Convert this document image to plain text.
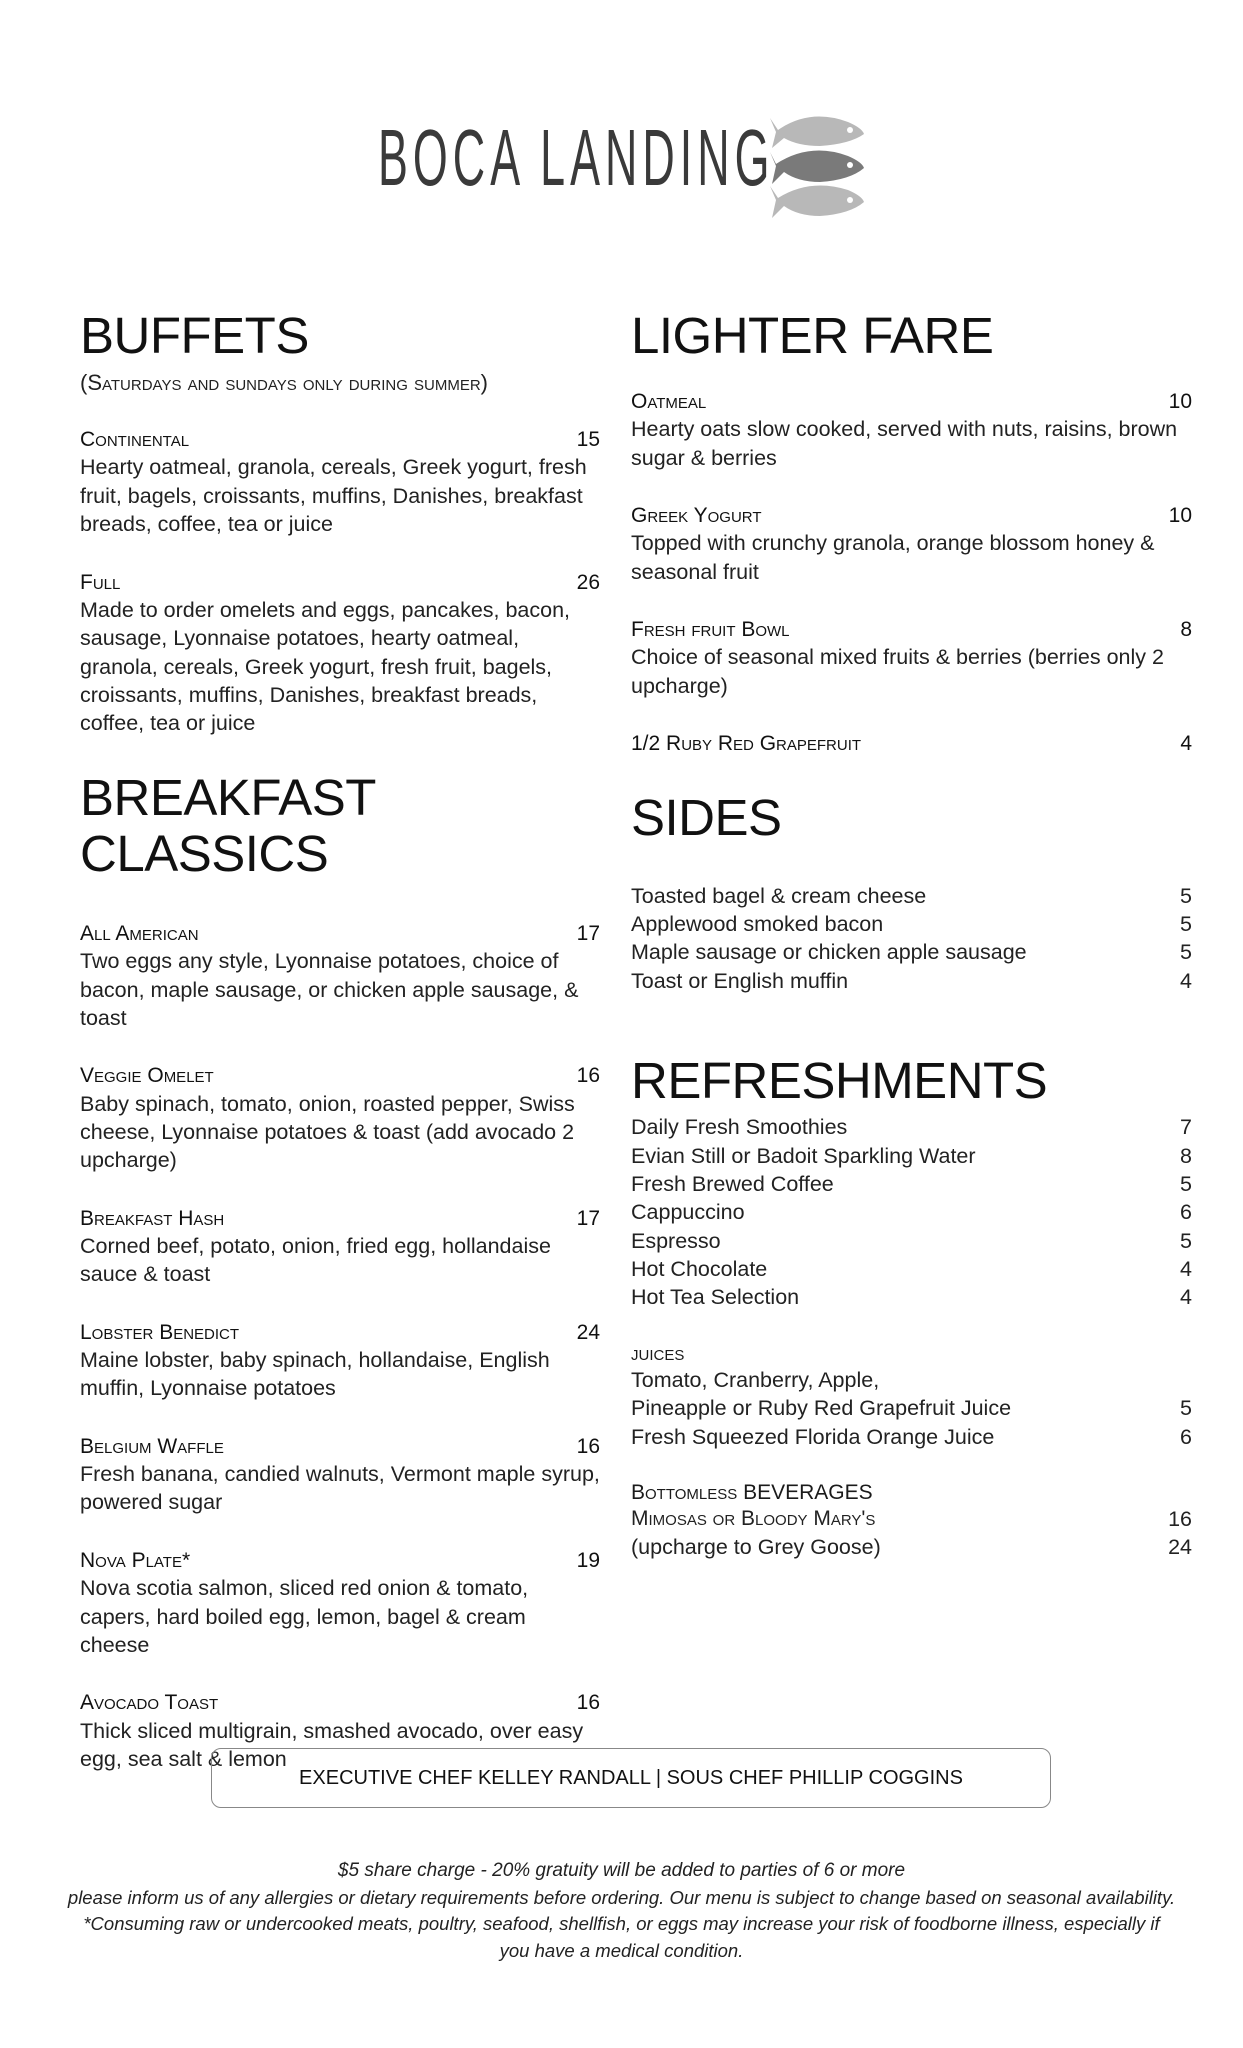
BOCA LANDING
BUFFETS
(Saturdays and sundays only during summer)
Continental	15
Hearty oatmeal, granola, cereals, Greek yogurt, fresh fruit, bagels, croissants, muffins, Danishes, breakfast breads, coffee, tea or juice
Full	26
Made to order omelets and eggs, pancakes, bacon, sausage, Lyonnaise potatoes, hearty oatmeal, granola, cereals, Greek yogurt, fresh fruit, bagels, croissants, muffins, Danishes, breakfast breads, coffee, tea or juice
BREAKFAST CLASSICS
All American	17
Two eggs any style, Lyonnaise potatoes, choice of bacon, maple sausage, or chicken apple sausage, & toast
Veggie Omelet	16
Baby spinach, tomato, onion, roasted pepper, Swiss cheese, Lyonnaise potatoes & toast (add avocado 2 upcharge)
Breakfast Hash	17
Corned beef, potato, onion, fried egg, hollandaise sauce & toast
Lobster Benedict	24
Maine lobster, baby spinach, hollandaise, English muffin, Lyonnaise potatoes
Belgium Waffle	16
Fresh banana, candied walnuts, Vermont maple syrup, powered sugar
Nova Plate*	19
Nova scotia salmon, sliced red onion & tomato, capers, hard boiled egg, lemon, bagel & cream cheese
Avocado Toast	16
Thick sliced multigrain, smashed avocado, over easy egg, sea salt & lemon
LIGHTER FARE
Oatmeal	10
Hearty oats slow cooked, served with nuts, raisins, brown sugar & berries
Greek Yogurt	10
Topped with crunchy granola, orange blossom honey & seasonal fruit
Fresh fruit Bowl	8
Choice of seasonal mixed fruits & berries (berries only 2 upcharge)
1/2 Ruby Red Grapefruit	4
SIDES
Toasted bagel & cream cheese	5
Applewood smoked bacon	5
Maple sausage or chicken apple sausage	5
Toast or English muffin	4
REFRESHMENTS
Daily Fresh Smoothies	7
Evian Still or Badoit Sparkling Water	8
Fresh Brewed Coffee	5
Cappuccino	6
Espresso	5
Hot Chocolate	4
Hot Tea Selection	4
juices
Tomato, Cranberry, Apple,
Pineapple or Ruby Red Grapefruit Juice	5
Fresh Squeezed Florida Orange Juice	6
Bottomless BEVERAGES
Mimosas or Bloody Mary's	16
(upcharge to Grey Goose)	24
EXECUTIVE CHEF KELLEY RANDALL | SOUS CHEF PHILLIP COGGINS
$5 share charge - 20% gratuity will be added to parties of 6 or more
please inform us of any allergies or dietary requirements before ordering. Our menu is subject to change based on seasonal availability.
*Consuming raw or undercooked meats, poultry, seafood, shellfish, or eggs may increase your risk of foodborne illness, especially if
you have a medical condition.
